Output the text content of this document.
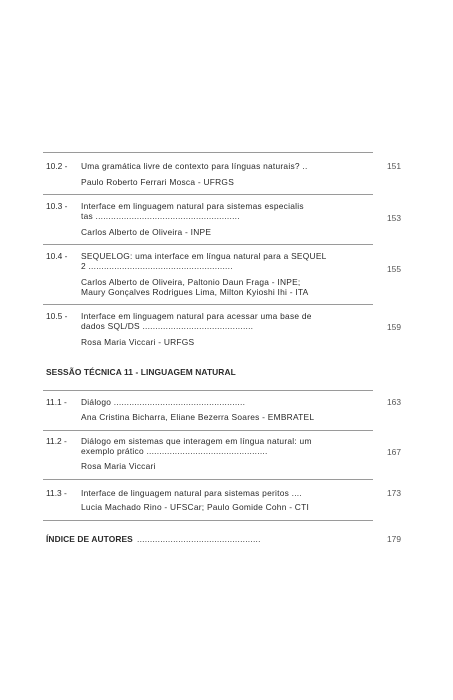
10.2 - Uma gramática livre de contexto para línguas naturais? ..	151
Paulo Roberto Ferrari Mosca - UFRGS
10.3 - Interface em linguagem natural para sistemas especialis
tas ........................................................	153
Carlos Alberto de Oliveira - INPE
10.4 - SEQUELOG: uma interface em língua natural para a SEQUEL
2 ........................................................	155
Carlos Alberto de Oliveira, Paltonio Daun Fraga - INPE;
Maury Gonçalves Rodrigues Lima, Milton Kyioshi Ihi - ITA
10.5 - Interface em linguagem natural para acessar uma base de
dados SQL/DS ...........................................	159
Rosa Maria Viccari - URFGS
SESSÃO TÉCNICA 11 - LINGUAGEM NATURAL
11.1 - Diálogo ...................................................	163
Ana Cristina Bicharra, Eliane Bezerra Soares - EMBRATEL
11.2 - Diálogo em sistemas que interagem em língua natural: um
exemplo prático ...............................................	167
Rosa Maria Viccari
11.3 - Interface de linguagem natural para sistemas peritos ....	173
Lucia Machado Rino - UFSCar; Paulo Gomide Cohn - CTI
ÍNDICE DE AUTORES ................................................	179
